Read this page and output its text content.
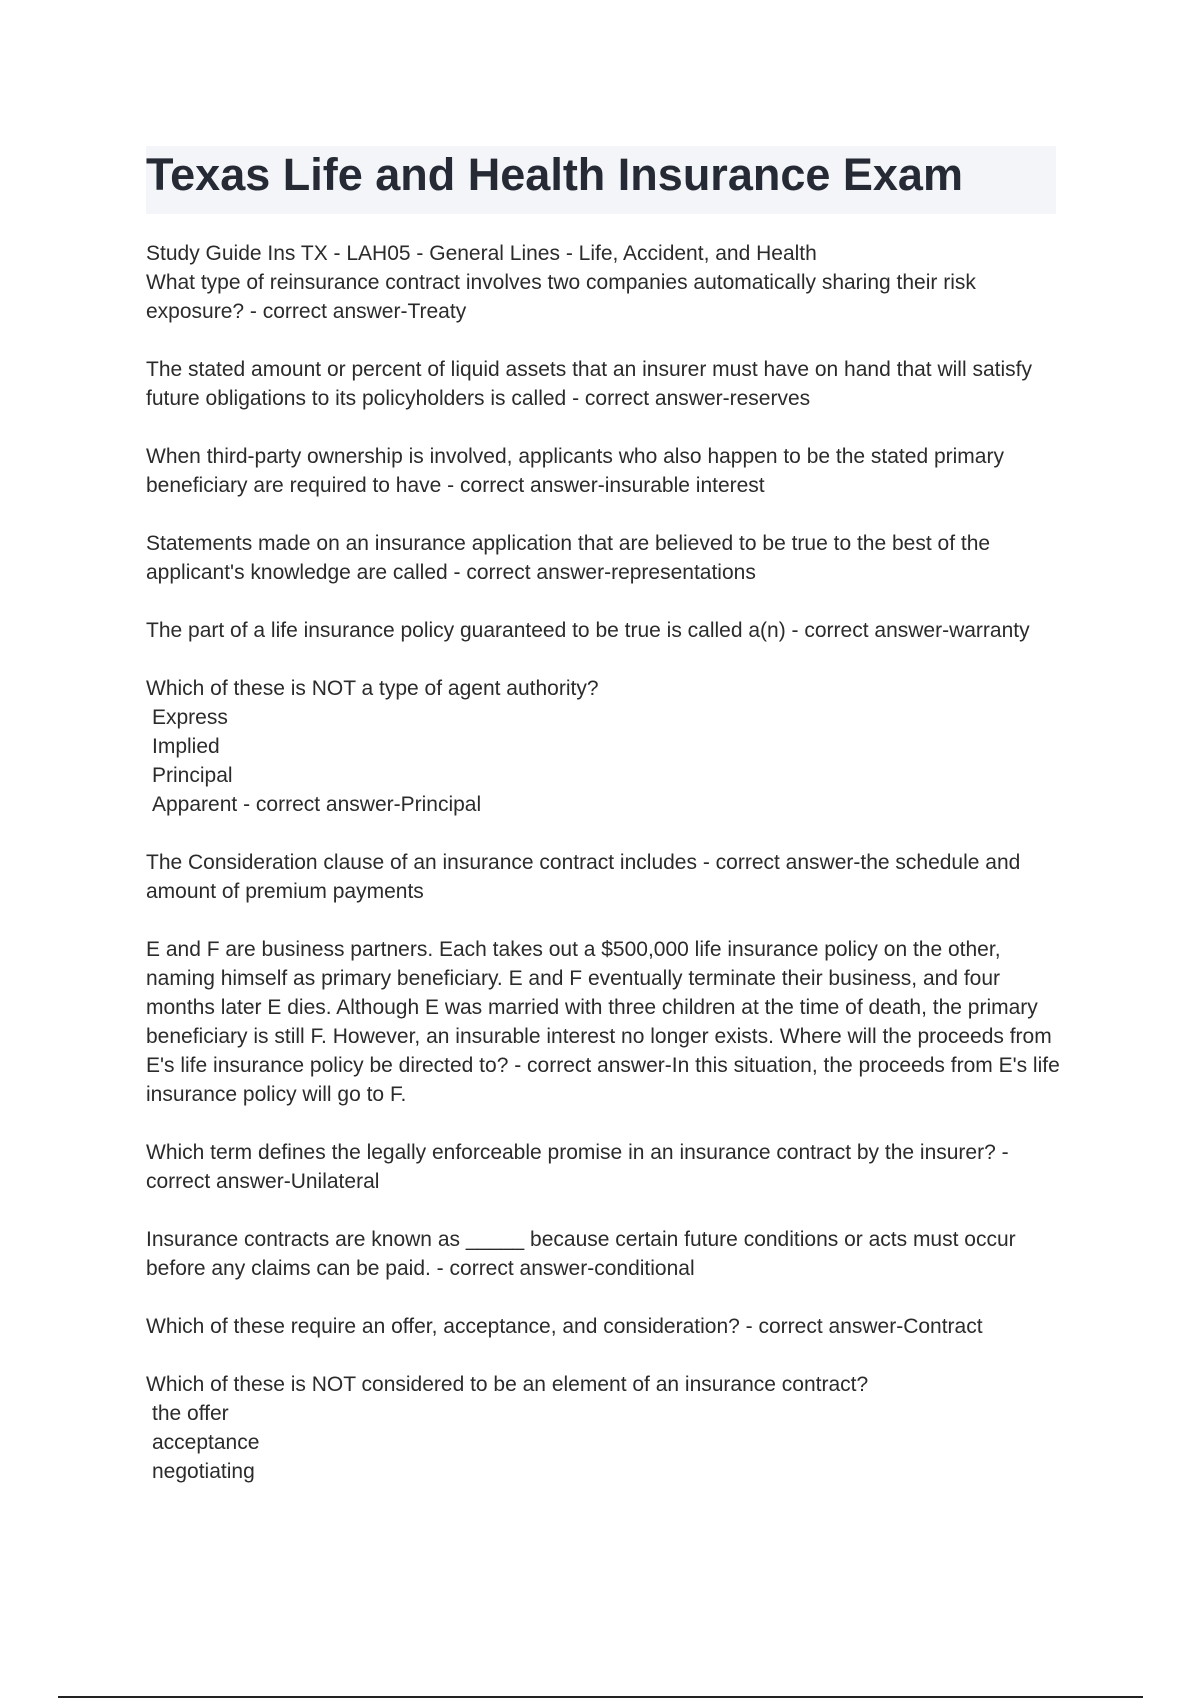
Texas Life and Health Insurance Exam

Study Guide Ins TX - LAH05 - General Lines - Life, Accident, and Health

What type of reinsurance contract involves two companies automatically sharing their risk exposure? - correct answer-Treaty

The stated amount or percent of liquid assets that an insurer must have on hand that will satisfy future obligations to its policyholders is called - correct answer-reserves

When third-party ownership is involved, applicants who also happen to be the stated primary beneficiary are required to have - correct answer-insurable interest

Statements made on an insurance application that are believed to be true to the best of the applicant's knowledge are called - correct answer-representations

The part of a life insurance policy guaranteed to be true is called a(n) - correct answer-warranty

Which of these is NOT a type of agent authority?
Express
Implied
Principal
Apparent - correct answer-Principal

The Consideration clause of an insurance contract includes - correct answer-the schedule and amount of premium payments

E and F are business partners. Each takes out a $500,000 life insurance policy on the other, naming himself as primary beneficiary. E and F eventually terminate their business, and four months later E dies. Although E was married with three children at the time of death, the primary beneficiary is still F. However, an insurable interest no longer exists. Where will the proceeds from E's life insurance policy be directed to? - correct answer-In this situation, the proceeds from E's life insurance policy will go to F.

Which term defines the legally enforceable promise in an insurance contract by the insurer? - correct answer-Unilateral

Insurance contracts are known as _____ because certain future conditions or acts must occur before any claims can be paid. - correct answer-conditional

Which of these require an offer, acceptance, and consideration? - correct answer-Contract

Which of these is NOT considered to be an element of an insurance contract?
the offer
acceptance
negotiating
